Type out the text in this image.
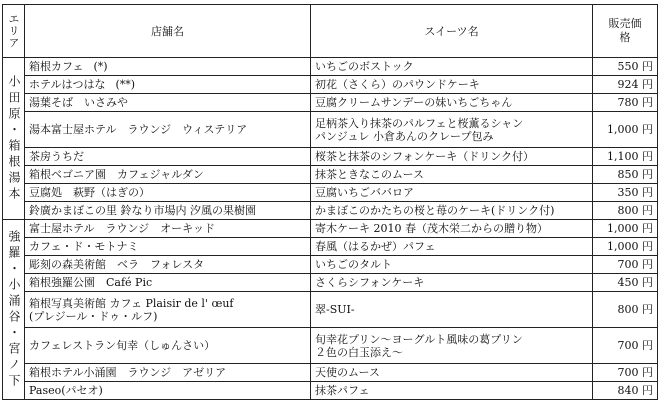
エリア	店舗名	スイーツ名	販売価
格
小田原・箱根湯本	箱根カフェ (*)	いちごのボストック	550 円
	ホテルはつはな (**)	初花（さくら）のパウンドケーキ	924 円
	湯葉そば　いさみや	豆腐クリームサンデーの妹いちごちゃん	780 円
	湯本富士屋ホテル　ラウンジ　ウィステリア	足柄茶入り抹茶のパルフェと桜薫るシャン
パンジュレ 小倉あんのクレープ包み	1,000 円
	茶房うちだ	桜茶と抹茶のシフォンケーキ（ドリンク付）	1,100 円
	箱根ベゴニア園　カフェジャルダン	抹茶ときなこのムース	850 円
	豆腐処　萩野（はぎの）	豆腐いちごババロア	350 円
	鈴廣かまぼこの里 鈴なり市場内 汐風の果樹園	かまぼこのかたちの桜と苺のケーキ(ドリンク付)	800 円
強羅・小涌谷・宮ノ下	富士屋ホテル　ラウンジ　オーキッド	寄木ケーキ 2010 春（茂木栄二からの贈り物）	1,000 円
	カフェ・ド・モトナミ	春風（はるかぜ）パフェ	1,000 円
	彫刻の森美術館　ベラ　フォレスタ	いちごのタルト	700 円
	箱根強羅公園　Café Pic	さくらシフォンケーキ	450 円
	箱根写真美術館 カフェ Plaisir de l' œuf
(プレジール・ドゥ・ルフ)	翠-SUI-	800 円
	カフェレストラン旬幸（しゅんさい）	旬幸花プリン～ヨーグルト風味の葛プリン
２色の白玉添え～	700 円
	箱根ホテル小涌園　ラウンジ　アゼリア	天使のムース	700 円
	Paseo(パセオ)	抹茶パフェ	840 円
